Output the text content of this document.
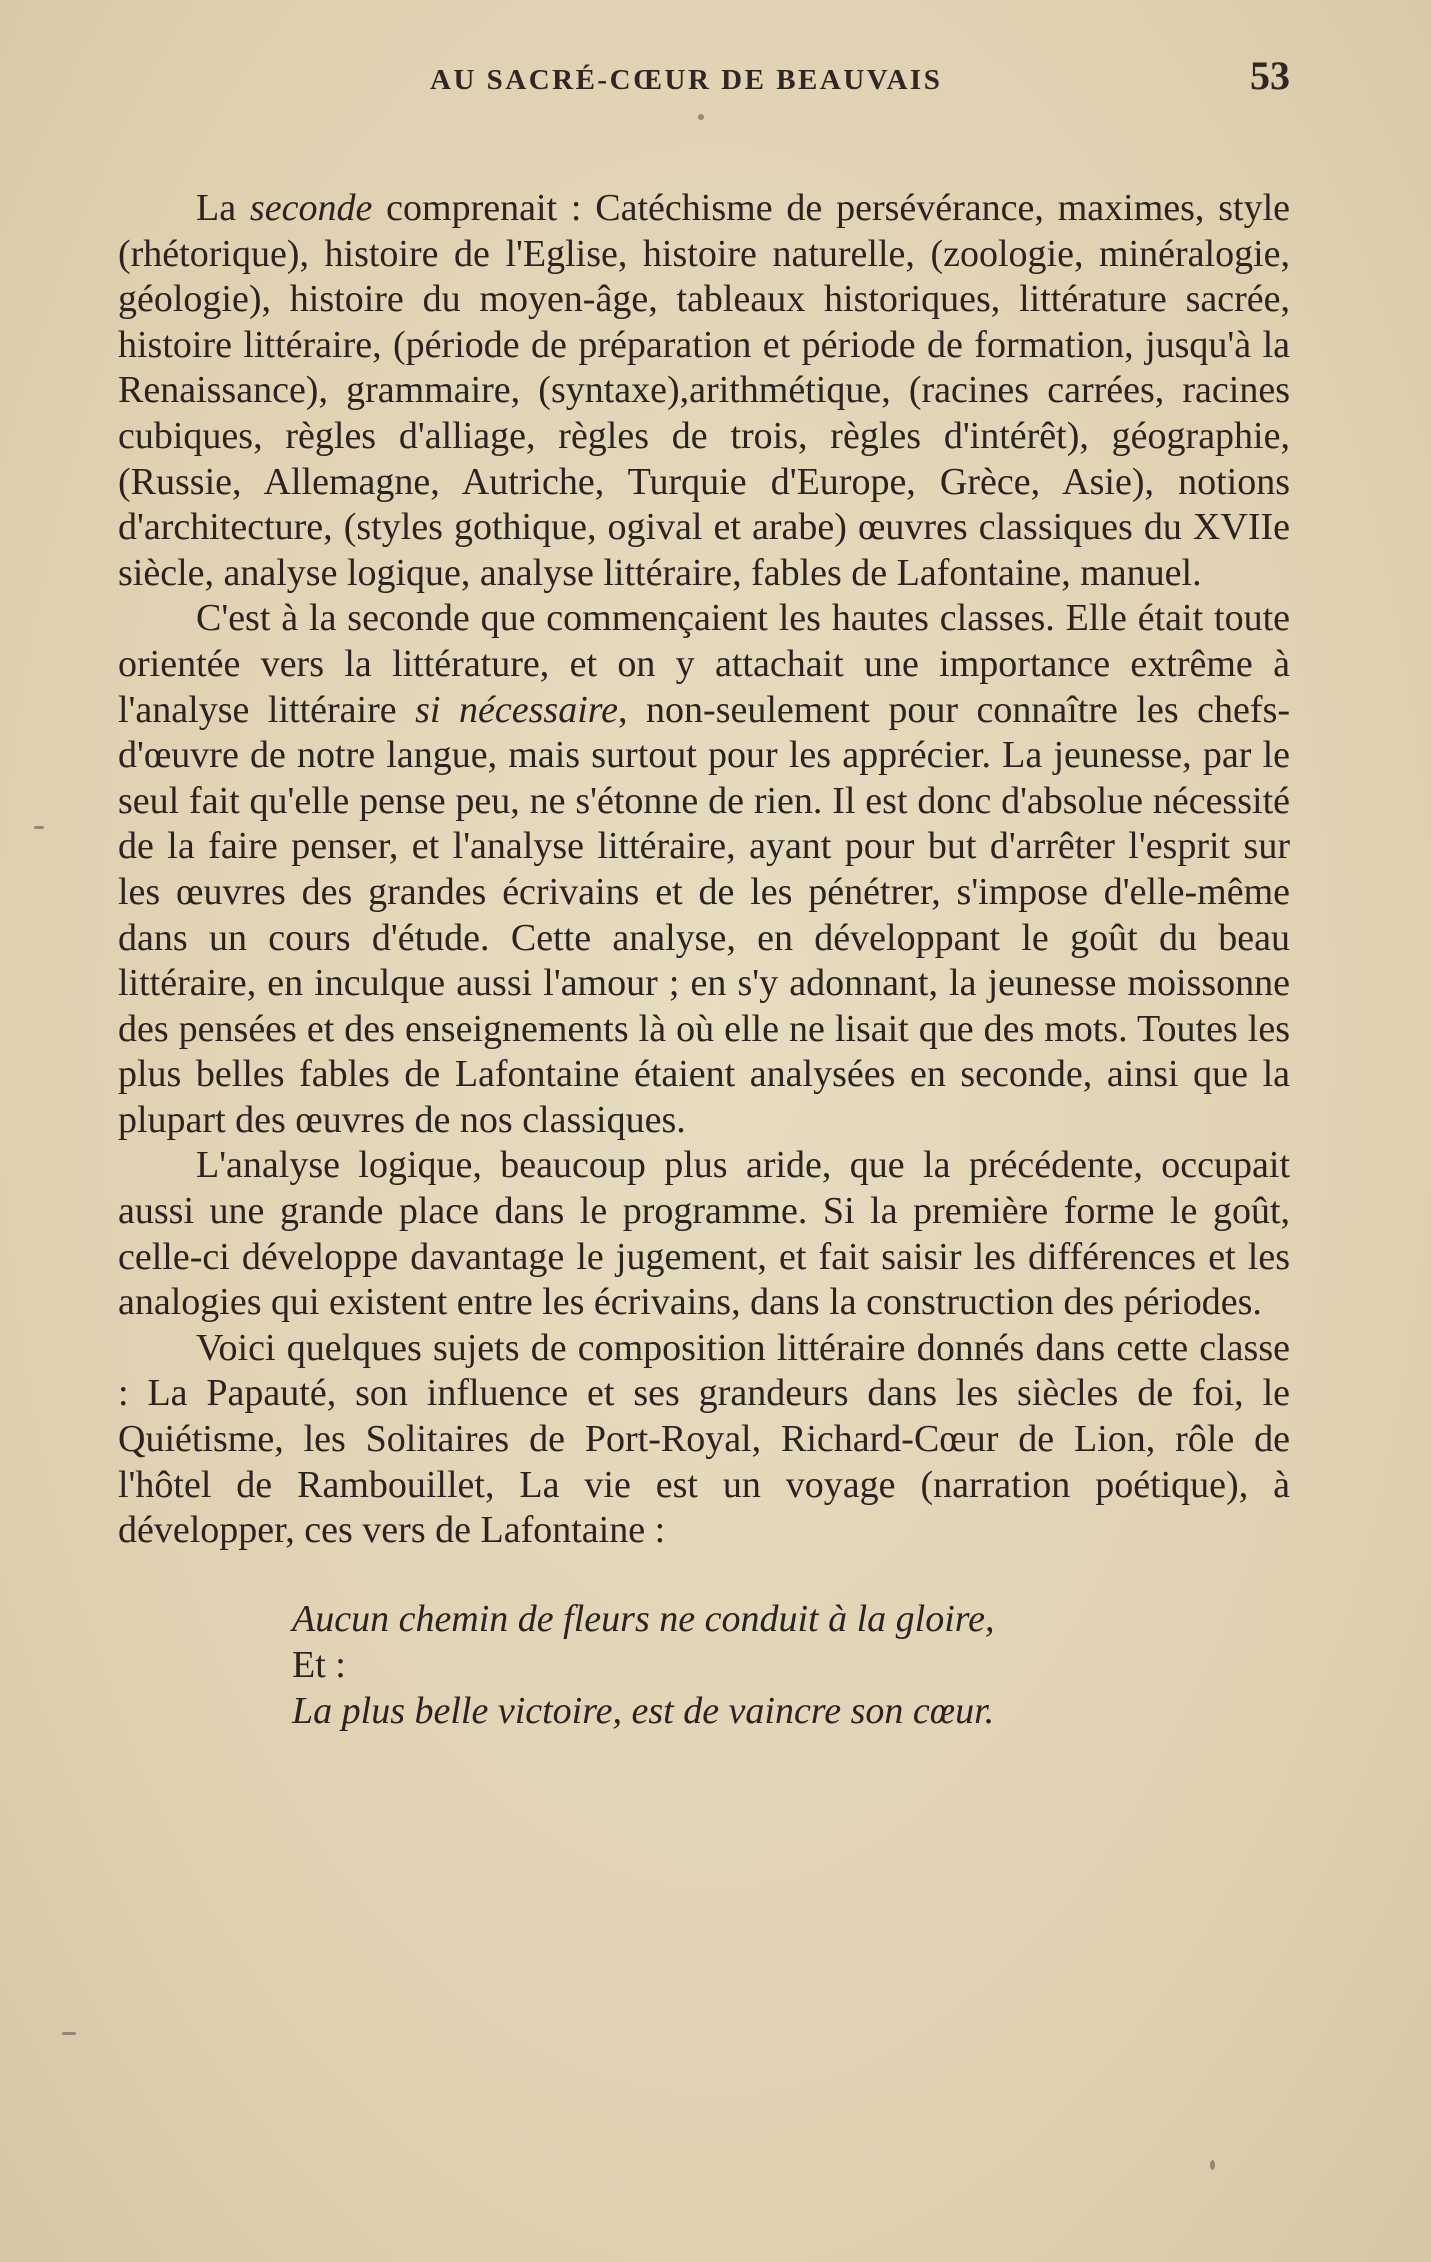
AU SACRÉ-CŒUR DE BEAUVAIS	53

La seconde comprenait : Catéchisme de persévérance, maximes, style (rhétorique), histoire de l'Eglise, histoire naturelle, (zoologie, minéralogie, géologie), histoire du moyen-âge, tableaux historiques, littérature sacrée, histoire littéraire, (période de préparation et période de formation, jusqu'à la Renaissance), grammaire, (syntaxe),arithmétique, (racines carrées, racines cubiques, règles d'alliage, règles de trois, règles d'intérêt), géographie, (Russie, Allemagne, Autriche, Turquie d'Europe, Grèce, Asie), notions d'architecture, (styles gothique, ogival et arabe) œuvres classiques du XVIIe siècle, analyse logique, analyse littéraire, fables de Lafontaine, manuel.

C'est à la seconde que commençaient les hautes classes. Elle était toute orientée vers la littérature, et on y attachait une importance extrême à l'analyse littéraire si nécessaire, non-seulement pour connaître les chefs-d'œuvre de notre langue, mais surtout pour les apprécier. La jeunesse, par le seul fait qu'elle pense peu, ne s'étonne de rien. Il est donc d'absolue nécessité de la faire penser, et l'analyse littéraire, ayant pour but d'arrêter l'esprit sur les œuvres des grandes écrivains et de les pénétrer, s'impose d'elle-même dans un cours d'étude. Cette analyse, en développant le goût du beau littéraire, en inculque aussi l'amour ; en s'y adonnant, la jeunesse moissonne des pensées et des enseignements là où elle ne lisait que des mots. Toutes les plus belles fables de Lafontaine étaient analysées en seconde, ainsi que la plupart des œuvres de nos classiques.

L'analyse logique, beaucoup plus aride, que la précédente, occupait aussi une grande place dans le programme. Si la première forme le goût, celle-ci développe davantage le jugement, et fait saisir les différences et les analogies qui existent entre les écrivains, dans la construction des périodes.

Voici quelques sujets de composition littéraire donnés dans cette classe : La Papauté, son influence et ses grandeurs dans les siècles de foi, le Quiétisme, les Solitaires de Port-Royal, Richard-Cœur de Lion, rôle de l'hôtel de Rambouillet, La vie est un voyage (narration poétique), à développer, ces vers de Lafontaine :

Aucun chemin de fleurs ne conduit à la gloire,
Et :
La plus belle victoire, est de vaincre son cœur.
